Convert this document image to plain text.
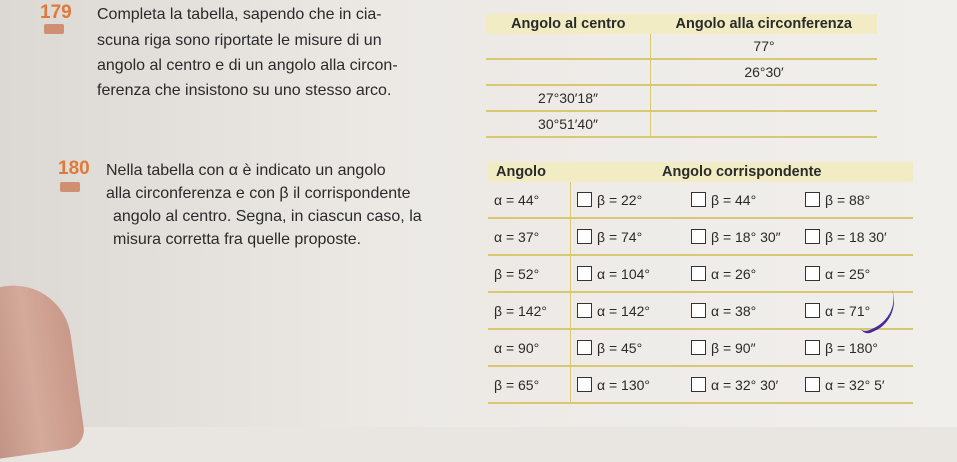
179 Completa la tabella, sapendo che in cia-
scuna riga sono riportate le misure di un
angolo al centro e di un angolo alla circon-
ferenza che insistono su uno stesso arco.
Angolo al centro	Angolo alla circonferenza
	77°
	26°30′
27°30′18″	
30°51′40″	
180 Nella tabella con α è indicato un angolo
alla circonferenza e con β il corrispondente
angolo al centro. Segna, in ciascun caso, la
misura corretta fra quelle proposte.
Angolo	Angolo corrispondente		
α = 44°	β = 22°	β = 44°	β = 88°
α = 37°	β = 74°	β = 18° 30″	β = 18 30′
β = 52°	α = 104°	α = 26°	α = 25°
β = 142°	α = 142°	α = 38°	α = 71°
α = 90°	β = 45°	β = 90″	β = 180°
β = 65°	α = 130°	α = 32° 30′	α = 32° 5′
